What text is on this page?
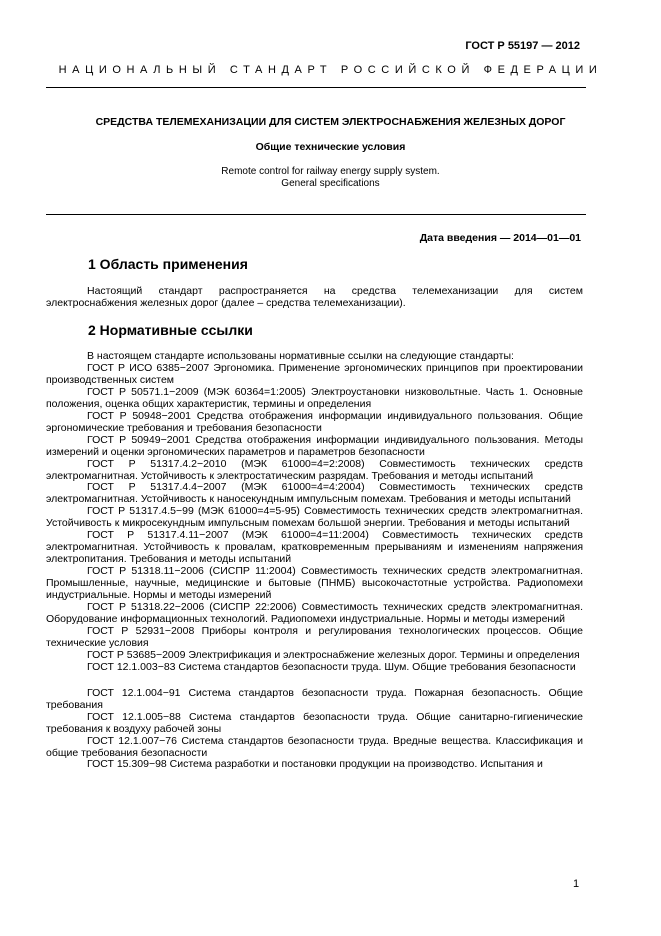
ГОСТ Р 55197 — 2012
НАЦИОНАЛЬНЫЙ СТАНДАРТ РОССИЙСКОЙ ФЕДЕРАЦИИ
СРЕДСТВА ТЕЛЕМЕХАНИЗАЦИИ ДЛЯ СИСТЕМ ЭЛЕКТРОСНАБЖЕНИЯ ЖЕЛЕЗНЫХ ДОРОГ
Общие технические условия
Remote control for railway energy supply system.
General specifications
Дата введения — 2014—01—01
1 Область применения
Настоящий стандарт распространяется на средства телемеханизации для систем электроснабжения железных дорог (далее – средства телемеханизации).
2 Нормативные ссылки
В настоящем стандарте использованы нормативные ссылки на следующие стандарты:
ГОСТ Р ИСО 6385−2007 Эргономика. Применение эргономических принципов при проектировании производственных систем
ГОСТ Р 50571.1−2009 (МЭК 60364=1:2005) Электроустановки низковольтные. Часть 1. Основные положения, оценка общих характеристик, термины и определения
ГОСТ Р 50948−2001 Средства отображения информации индивидуального пользования. Общие эргономические требования и требования безопасности
ГОСТ Р 50949−2001 Средства отображения информации индивидуального пользования. Методы измерений и оценки эргономических параметров и параметров безопасности
ГОСТ Р 51317.4.2−2010 (МЭК 61000=4=2:2008) Совместимость технических средств электромагнитная. Устойчивость к электростатическим разрядам. Требования и методы испытаний
ГОСТ Р 51317.4.4−2007 (МЭК 61000=4=4:2004) Совместимость технических средств электромагнитная. Устойчивость к наносекундным импульсным помехам. Требования и методы испытаний
ГОСТ Р 51317.4.5−99 (МЭК 61000=4=5-95) Совместимость технических средств электромагнитная. Устойчивость к микросекундным импульсным помехам большой энергии. Требования и методы испытаний
ГОСТ Р 51317.4.11−2007 (МЭК 61000=4=11:2004) Совместимость технических средств электромагнитная. Устойчивость к провалам, кратковременным прерываниям и изменениям напряжения электропитания. Требования и методы испытаний
ГОСТ Р 51318.11−2006 (СИСПР 11:2004) Совместимость технических средств электромагнитная. Промышленные, научные, медицинские и бытовые (ПНМБ) высокочастотные устройства. Радиопомехи индустриальные. Нормы и методы измерений
ГОСТ Р 51318.22−2006 (СИСПР 22:2006) Совместимость технических средств электромагнитная. Оборудование информационных технологий. Радиопомехи индустриальные. Нормы и методы измерений
ГОСТ Р 52931−2008 Приборы контроля и регулирования технологических процессов. Общие технические условия
ГОСТ Р 53685−2009 Электрификация и электроснабжение железных дорог. Термины и определения
ГОСТ 12.1.003−83 Система стандартов безопасности труда. Шум. Общие требования безопасности
ГОСТ 12.1.004−91 Система стандартов безопасности труда. Пожарная безопасность. Общие требования
ГОСТ 12.1.005−88 Система стандартов безопасности труда. Общие санитарно-гигиенические требования к воздуху рабочей зоны
ГОСТ 12.1.007−76 Система стандартов безопасности труда. Вредные вещества. Классификация и общие требования безопасности
ГОСТ 15.309−98 Система разработки и постановки продукции на производство. Испытания и
1
